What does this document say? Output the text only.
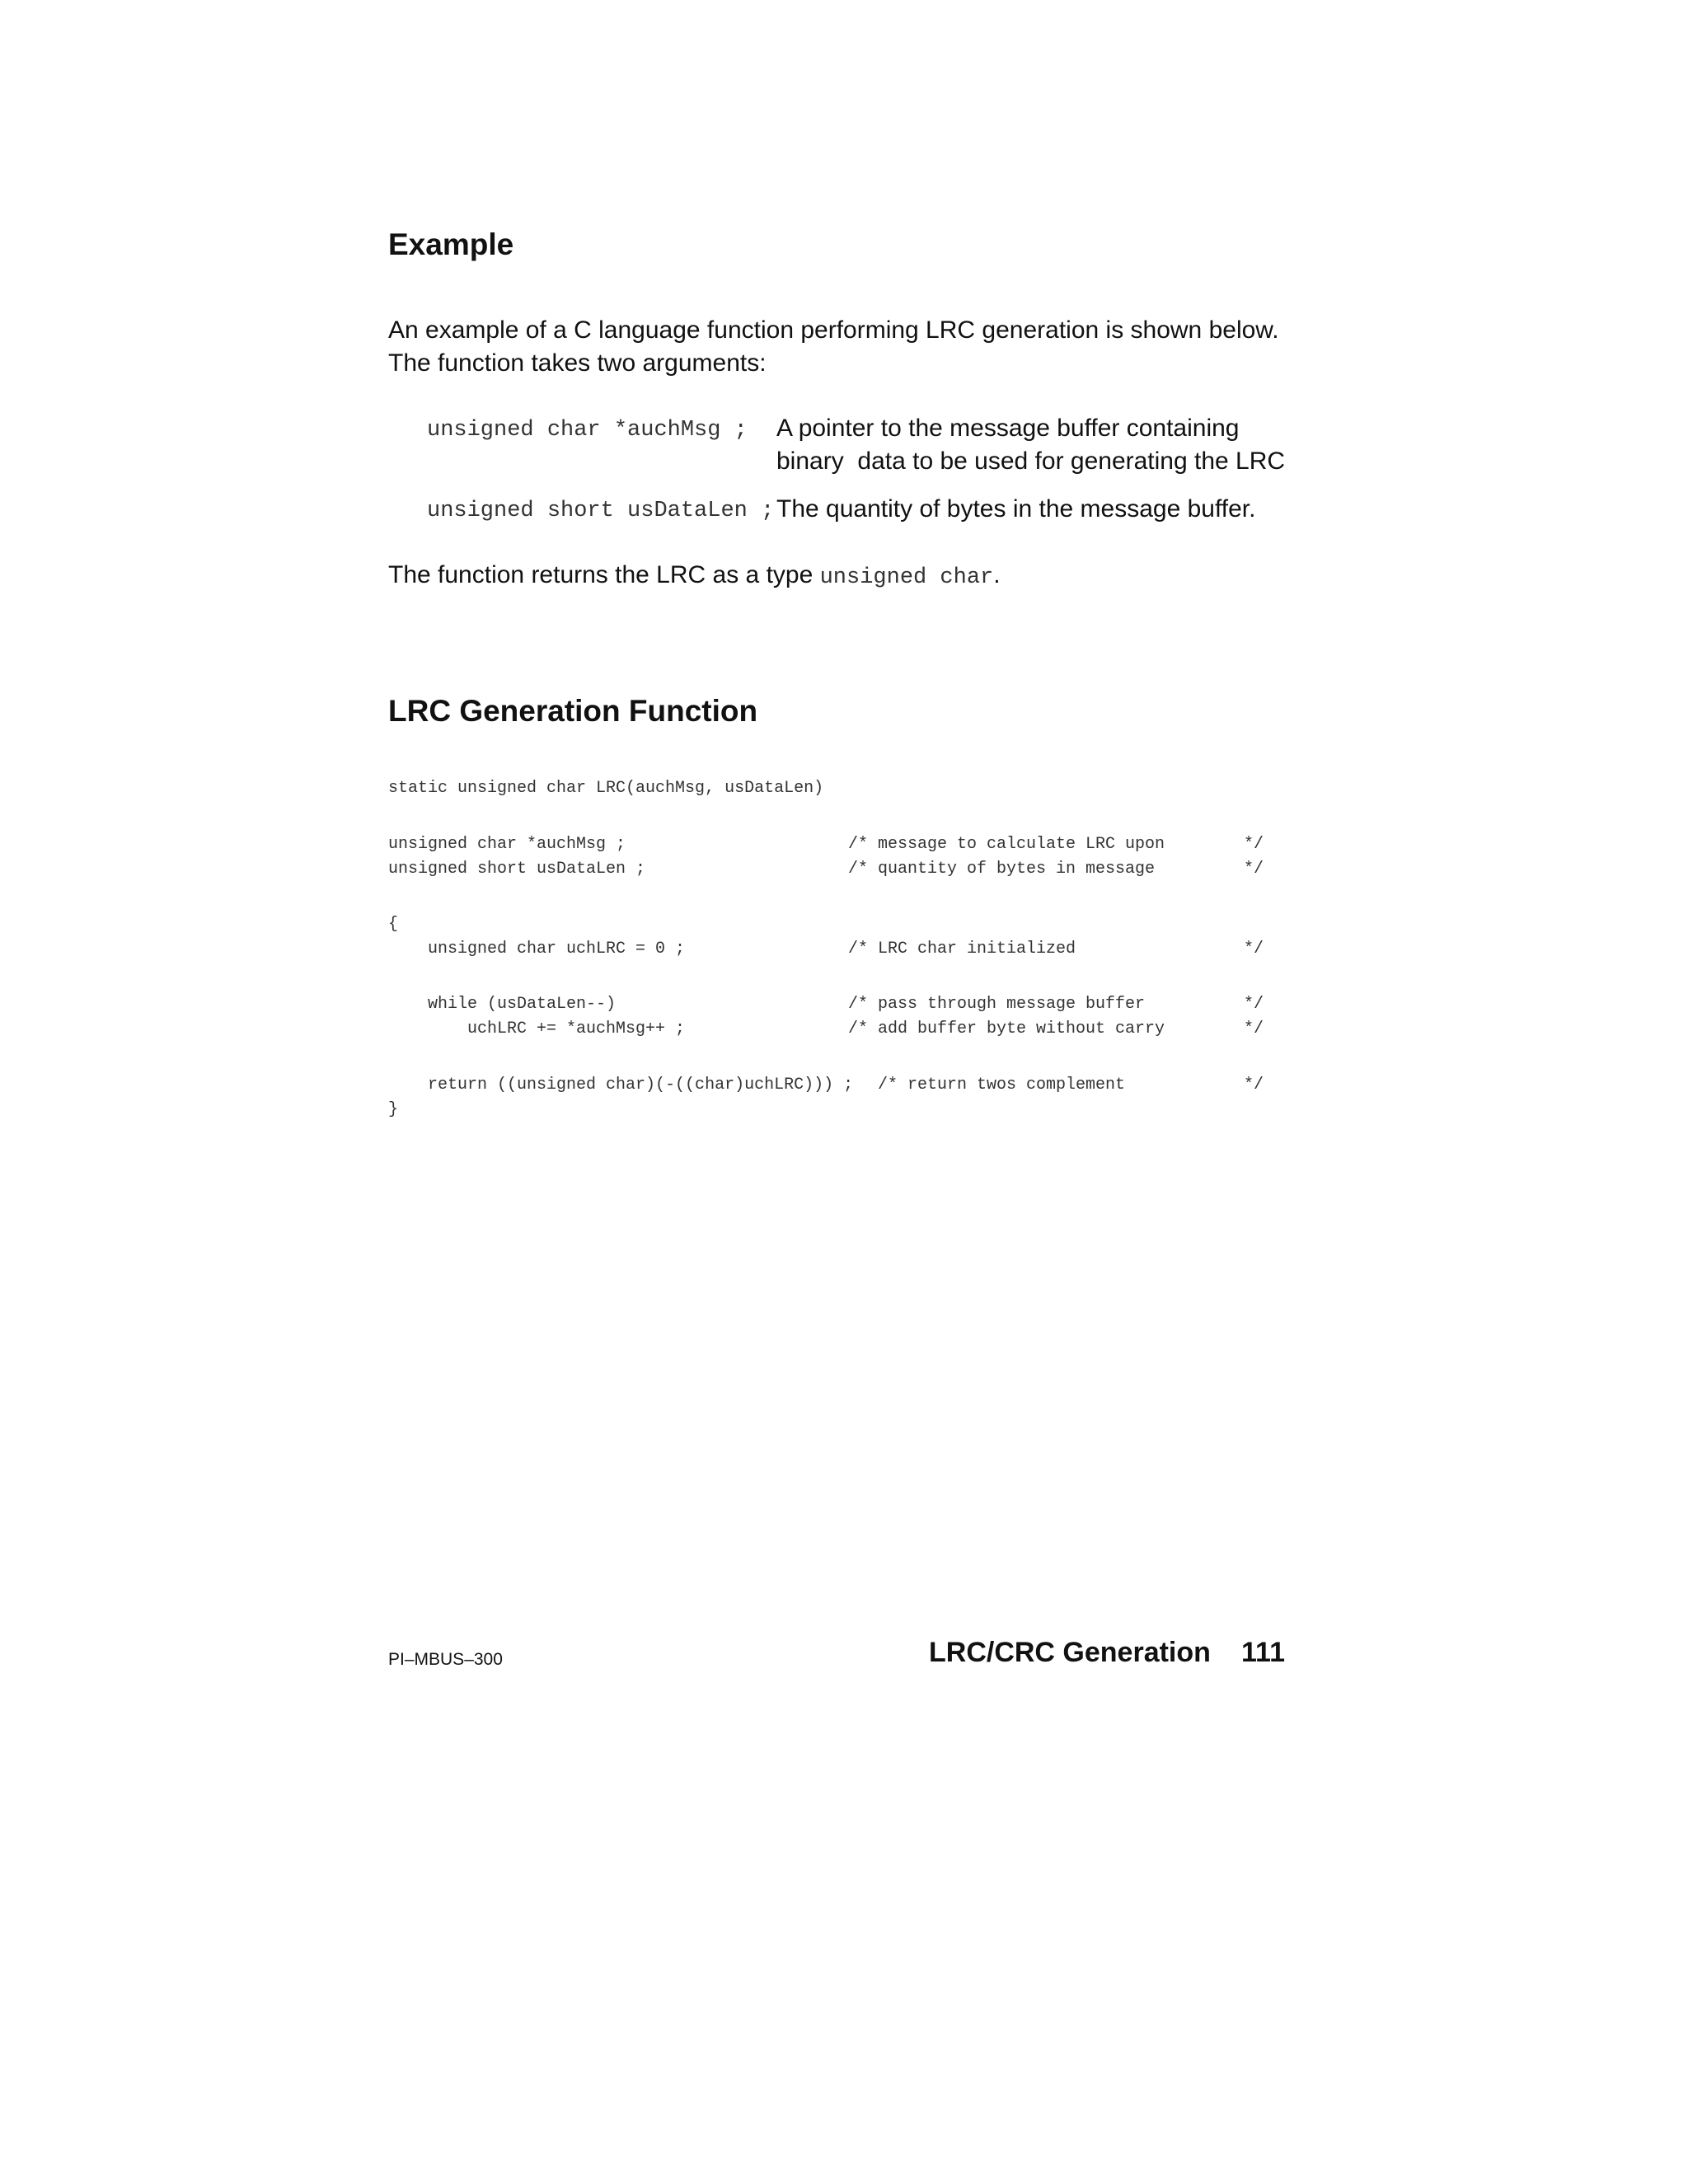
Example

An example of a C language function performing LRC generation is shown below.

The function takes two arguments:

unsigned char *auchMsg ; A pointer to the message buffer containing
binary  data to be used for generating the LRC
unsigned short usDataLen ; The quantity of bytes in the message buffer.

The function returns the LRC as a type unsigned char.

LRC Generation Function
static unsigned char LRC(auchMsg, usDataLen)
unsigned char *auchMsg ;	/* message to calculate LRC upon	*/
unsigned short usDataLen ;	/* quantity of bytes in message	*/
{
unsigned char uchLRC = 0 ;	/* LRC char initialized	*/
while (usDataLen--)	/* pass through message buffer	*/
uchLRC += *auchMsg++ ;	/* add buffer byte without carry	*/
return ((unsigned char)(-((char)uchLRC))) ; /* return twos complement	*/
}
PI–MBUS–300	LRC/CRC Generation 111
